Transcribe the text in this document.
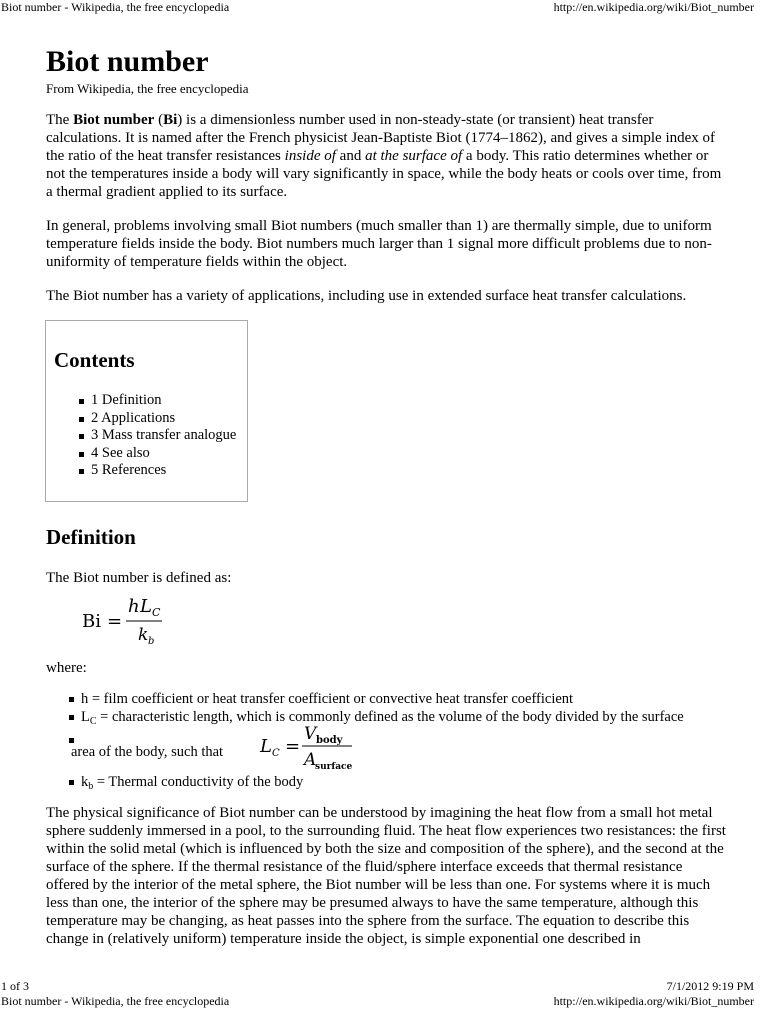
Biot number - Wikipedia, the free encyclopedia	http://en.wikipedia.org/wiki/Biot_number
Biot number
From Wikipedia, the free encyclopedia

The Biot number (Bi) is a dimensionless number used in non-steady-state (or transient) heat transfer calculations. It is named after the French physicist Jean-Baptiste Biot (1774–1862), and gives a simple index of the ratio of the heat transfer resistances inside of and at the surface of a body. This ratio determines whether or not the temperatures inside a body will vary significantly in space, while the body heats or cools over time, from a thermal gradient applied to its surface.

In general, problems involving small Biot numbers (much smaller than 1) are thermally simple, due to uniform temperature fields inside the body. Biot numbers much larger than 1 signal more difficult problems due to non-uniformity of temperature fields within the object.

The Biot number has a variety of applications, including use in extended surface heat transfer calculations.

Definition

The Biot number is defined as:

where:

The physical significance of Biot number can be understood by imagining the heat flow from a small hot metal sphere suddenly immersed in a pool, to the surrounding fluid. The heat flow experiences two resistances: the first within the solid metal (which is influenced by both the size and composition of the sphere), and the second at the surface of the sphere. If the thermal resistance of the fluid/sphere interface exceeds that thermal resistance offered by the interior of the metal sphere, the Biot number will be less than one. For systems where it is much less than one, the interior of the sphere may be presumed always to have the same temperature, although this temperature may be changing, as heat passes into the sphere from the surface. The equation to describe this change in (relatively uniform) temperature inside the object, is simple exponential one described in

Contents
1 Definition
2 Applications
3 Mass transfer analogue
4 See also
5 References
Bi =
h L C
k b
h = film coefficient or heat transfer coefficient or convective heat transfer coefficient
$L_C$ = characteristic length, which is commonly defined as the volume of the body divided by the surface
area of the body, such that
$k_b$ = Thermal conductivity of the body
L C =
V body
A
surface
1 of 3	7/1/2012 9:19 PM
Biot number - Wikipedia, the free encyclopedia	http://en.wikipedia.org/wiki/Biot_number
